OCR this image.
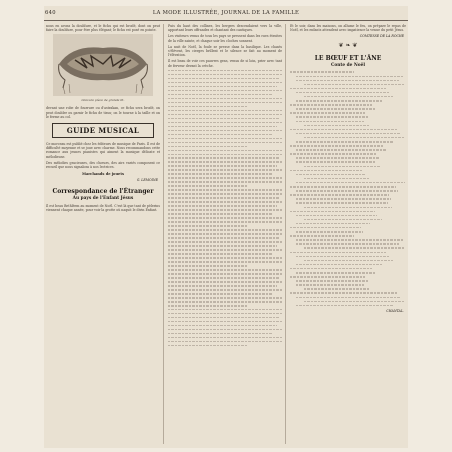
640	LA MODE ILLUSTRÉE, JOURNAL DE LA FAMILLE

nous en avons la doublure, et le fichu qui est brodé, dont on peut faire la doublure, pour être plus élégant; le fichu est posé en pointe.

Gravure pièce de grande lit.

devant une robe de fourrure ou d'astrakan, ce fichu sera brodé, on peut doubler ou garnir le fichu de tissu; on le tourne à la taille et on le ferme au col.

GUIDE MUSICAL

Ce morceau est publié chez les éditeurs de musique de Paris. Il est de difficulté moyenne et se joue avec charme. Nous recommandons cette romance aux jeunes pianistes qui aiment la musique délicate et mélodieuse.

Des mélodies gracieuses, des chœurs, des airs variés composent ce recueil que nous signalons à nos lectrices.

Marchands de jouets
G. LEMOINE
Correspondance de l'Étranger
Au pays de l'Enfant Jésus

Il est beau Bethléem au moment de Noël. C'est là que tant de pèlerins viennent chaque année, pour voir la grotte où naquit le divin Enfant.

Puis du haut des collines, les bergers descendaient vers la ville, apportant leurs offrandes et chantant des cantiques.

Les visiteurs venus de tous les pays se pressent dans les rues étroites de la ville sainte, et chaque soir les cloches sonnent.

La nuit de Noël, la foule se presse dans la basilique. Les chants s'élèvent, les cierges brillent et le silence se fait au moment de l'élévation.

Il est beau de voir ces pauvres gens, venus de si loin, prier avec tant de ferveur devant la crèche.

Et le soir, dans les maisons, on allume le feu, on prépare le repas de Noël, et les enfants attendent avec impatience la venue du petit Jésus.

COMTESSE DE LA ROCHE
❦ ❧ ❦
LE BŒUF ET L'ÂNE
Conte de Noël
CHANTAL.
